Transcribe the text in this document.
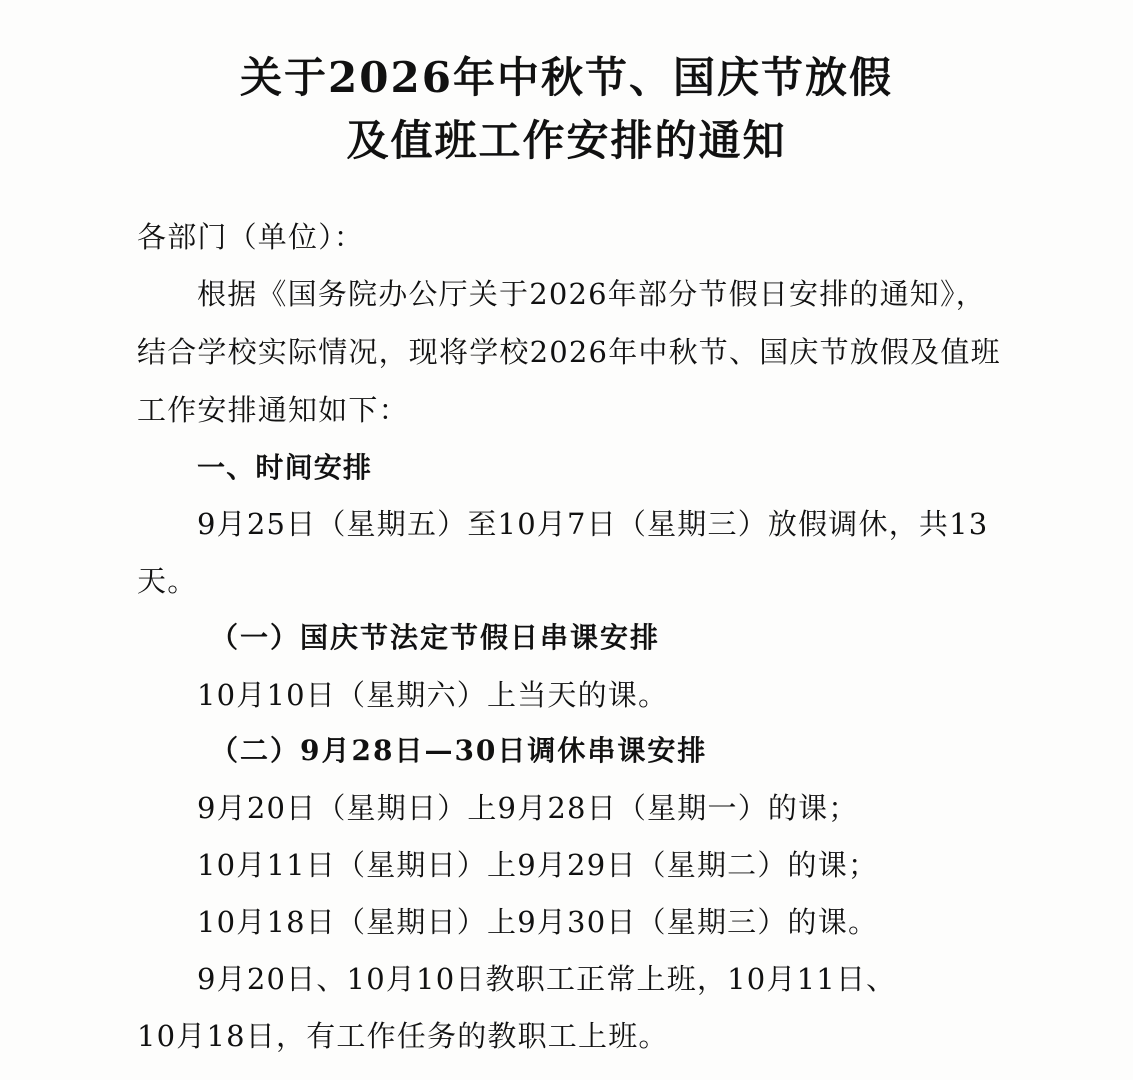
关于2026年中秋节、国庆节放假
及值班工作安排的通知
各部门（单位）：
根据《国务院办公厅关于2026年部分节假日安排的通知》，
结合学校实际情况，现将学校2026年中秋节、国庆节放假及值班
工作安排通知如下：
一、时间安排
9月25日（星期五）至10月7日（星期三）放假调休，共13
天。
（一）国庆节法定节假日串课安排
10月10日（星期六）上当天的课。
（二）9月28日—30日调休串课安排
9月20日（星期日）上9月28日（星期一）的课；
10月11日（星期日）上9月29日（星期二）的课；
10月18日（星期日）上9月30日（星期三）的课。
9月20日、10月10日教职工正常上班，10月11日、
10月18日，有工作任务的教职工上班。
